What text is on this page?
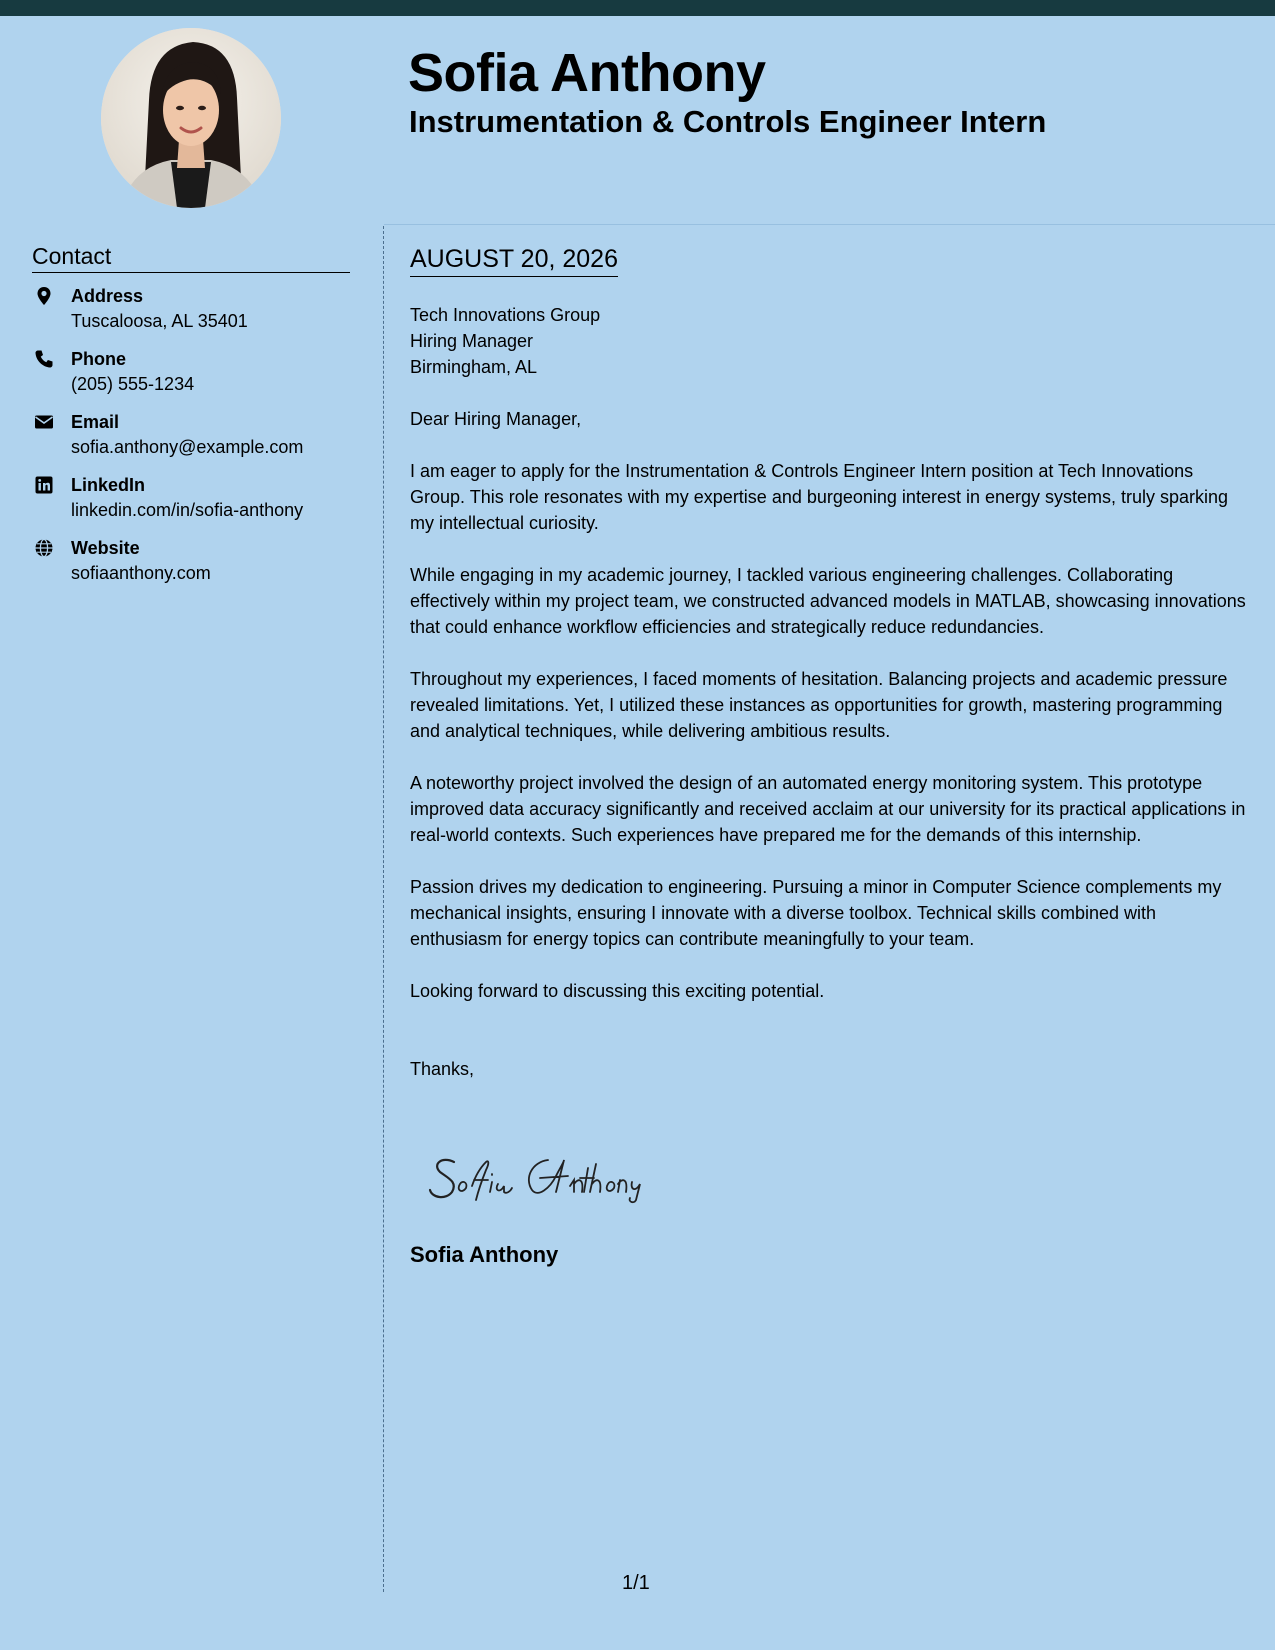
Sofia Anthony
Instrumentation & Controls Engineer Intern
Contact
Address
Tuscaloosa, AL 35401
Phone
(205) 555-1234
Email
sofia.anthony@example.com
LinkedIn
linkedin.com/in/sofia-anthony
Website
sofiaanthony.com
AUGUST 20, 2026
Tech Innovations Group
Hiring Manager
Birmingham, AL

Dear Hiring Manager,

I am eager to apply for the Instrumentation & Controls Engineer Intern position at Tech Innovations Group. This role resonates with my expertise and burgeoning interest in energy systems, truly sparking my intellectual curiosity.

While engaging in my academic journey, I tackled various engineering challenges. Collaborating effectively within my project team, we constructed advanced models in MATLAB, showcasing innovations that could enhance workflow efficiencies and strategically reduce redundancies.

Throughout my experiences, I faced moments of hesitation. Balancing projects and academic pressure revealed limitations. Yet, I utilized these instances as opportunities for growth, mastering programming and analytical techniques, while delivering ambitious results.

A noteworthy project involved the design of an automated energy monitoring system. This prototype improved data accuracy significantly and received acclaim at our university for its practical applications in real-world contexts. Such experiences have prepared me for the demands of this internship.

Passion drives my dedication to engineering. Pursuing a minor in Computer Science complements my mechanical insights, ensuring I innovate with a diverse toolbox. Technical skills combined with enthusiasm for energy topics can contribute meaningfully to your team.

Looking forward to discussing this exciting potential.

Thanks,

Sofia Anthony
1/1
